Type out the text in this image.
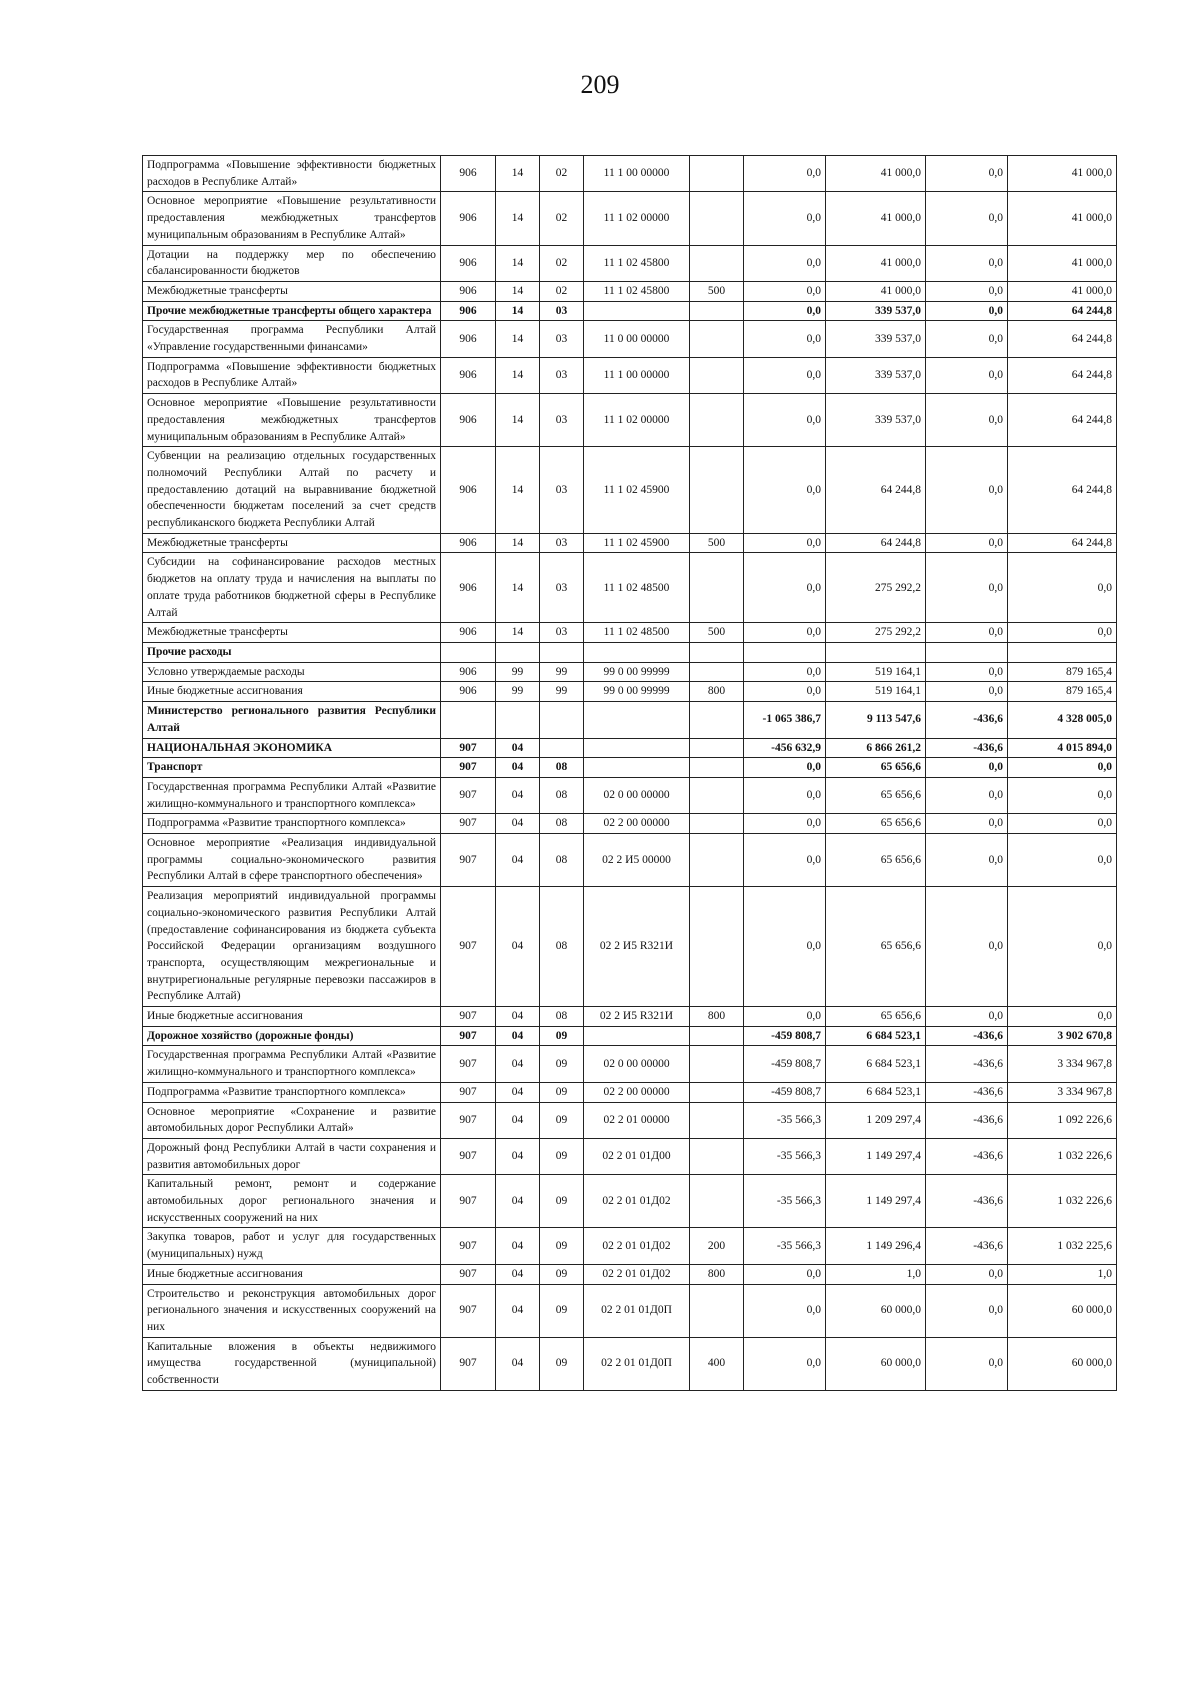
209
Подпрограмма «Повышение эффективности бюджетных расходов в Республике Алтай»	906	14	02	11 1 00 00000		0,0	41 000,0	0,0	41 000,0
Основное мероприятие «Повышение результативности предоставления межбюджетных трансфертов муниципальным образованиям в Республике Алтай»	906	14	02	11 1 02 00000		0,0	41 000,0	0,0	41 000,0
Дотации на поддержку мер по обеспечению сбалансированности бюджетов	906	14	02	11 1 02 45800		0,0	41 000,0	0,0	41 000,0
Межбюджетные трансферты	906	14	02	11 1 02 45800	500	0,0	41 000,0	0,0	41 000,0
Прочие межбюджетные трансферты общего характера	906	14	03			0,0	339 537,0	0,0	64 244,8
Государственная программа Республики Алтай «Управление государственными финансами»	906	14	03	11 0 00 00000		0,0	339 537,0	0,0	64 244,8
Подпрограмма «Повышение эффективности бюджетных расходов в Республике Алтай»	906	14	03	11 1 00 00000		0,0	339 537,0	0,0	64 244,8
Основное мероприятие «Повышение результативности предоставления межбюджетных трансфертов муниципальным образованиям в Республике Алтай»	906	14	03	11 1 02 00000		0,0	339 537,0	0,0	64 244,8
Субвенции на реализацию отдельных государственных полномочий Республики Алтай по расчету и предоставлению дотаций на выравнивание бюджетной обеспеченности бюджетам поселений за счет средств республиканского бюджета Республики Алтай	906	14	03	11 1 02 45900		0,0	64 244,8	0,0	64 244,8
Межбюджетные трансферты	906	14	03	11 1 02 45900	500	0,0	64 244,8	0,0	64 244,8
Субсидии на софинансирование расходов местных бюджетов на оплату труда и начисления на выплаты по оплате труда работников бюджетной сферы в Республике Алтай	906	14	03	11 1 02 48500		0,0	275 292,2	0,0	0,0
Межбюджетные трансферты	906	14	03	11 1 02 48500	500	0,0	275 292,2	0,0	0,0
Прочие расходы									
Условно утверждаемые расходы	906	99	99	99 0 00 99999		0,0	519 164,1	0,0	879 165,4
Иные бюджетные ассигнования	906	99	99	99 0 00 99999	800	0,0	519 164,1	0,0	879 165,4
Министерство регионального развития Республики Алтай						-1 065 386,7	9 113 547,6	-436,6	4 328 005,0
НАЦИОНАЛЬНАЯ ЭКОНОМИКА	907	04				-456 632,9	6 866 261,2	-436,6	4 015 894,0
Транспорт	907	04	08			0,0	65 656,6	0,0	0,0
Государственная программа Республики Алтай «Развитие жилищно-коммунального и транспортного комплекса»	907	04	08	02 0 00 00000		0,0	65 656,6	0,0	0,0
Подпрограмма «Развитие транспортного комплекса»	907	04	08	02 2 00 00000		0,0	65 656,6	0,0	0,0
Основное мероприятие «Реализация индивидуальной программы социально-экономического развития Республики Алтай в сфере транспортного обеспечения»	907	04	08	02 2 И5 00000		0,0	65 656,6	0,0	0,0
Реализация мероприятий индивидуальной программы социально-экономического развития Республики Алтай (предоставление софинансирования из бюджета субъекта Российской Федерации организациям воздушного транспорта, осуществляющим межрегиональные и внутрирегиональные регулярные перевозки пассажиров в Республике Алтай)	907	04	08	02 2 И5 R321И		0,0	65 656,6	0,0	0,0
Иные бюджетные ассигнования	907	04	08	02 2 И5 R321И	800	0,0	65 656,6	0,0	0,0
Дорожное хозяйство (дорожные фонды)	907	04	09			-459 808,7	6 684 523,1	-436,6	3 902 670,8
Государственная программа Республики Алтай «Развитие жилищно-коммунального и транспортного комплекса»	907	04	09	02 0 00 00000		-459 808,7	6 684 523,1	-436,6	3 334 967,8
Подпрограмма «Развитие транспортного комплекса»	907	04	09	02 2 00 00000		-459 808,7	6 684 523,1	-436,6	3 334 967,8
Основное мероприятие «Сохранение и развитие автомобильных дорог Республики Алтай»	907	04	09	02 2 01 00000		-35 566,3	1 209 297,4	-436,6	1 092 226,6
Дорожный фонд Республики Алтай в части сохранения и развития автомобильных дорог	907	04	09	02 2 01 01Д00		-35 566,3	1 149 297,4	-436,6	1 032 226,6
Капитальный ремонт, ремонт и содержание автомобильных дорог регионального значения и искусственных сооружений на них	907	04	09	02 2 01 01Д02		-35 566,3	1 149 297,4	-436,6	1 032 226,6
Закупка товаров, работ и услуг для государственных (муниципальных) нужд	907	04	09	02 2 01 01Д02	200	-35 566,3	1 149 296,4	-436,6	1 032 225,6
Иные бюджетные ассигнования	907	04	09	02 2 01 01Д02	800	0,0	1,0	0,0	1,0
Строительство и реконструкция автомобильных дорог регионального значения и искусственных сооружений на них	907	04	09	02 2 01 01Д0П		0,0	60 000,0	0,0	60 000,0
Капитальные вложения в объекты недвижимого имущества государственной (муниципальной) собственности	907	04	09	02 2 01 01Д0П	400	0,0	60 000,0	0,0	60 000,0
